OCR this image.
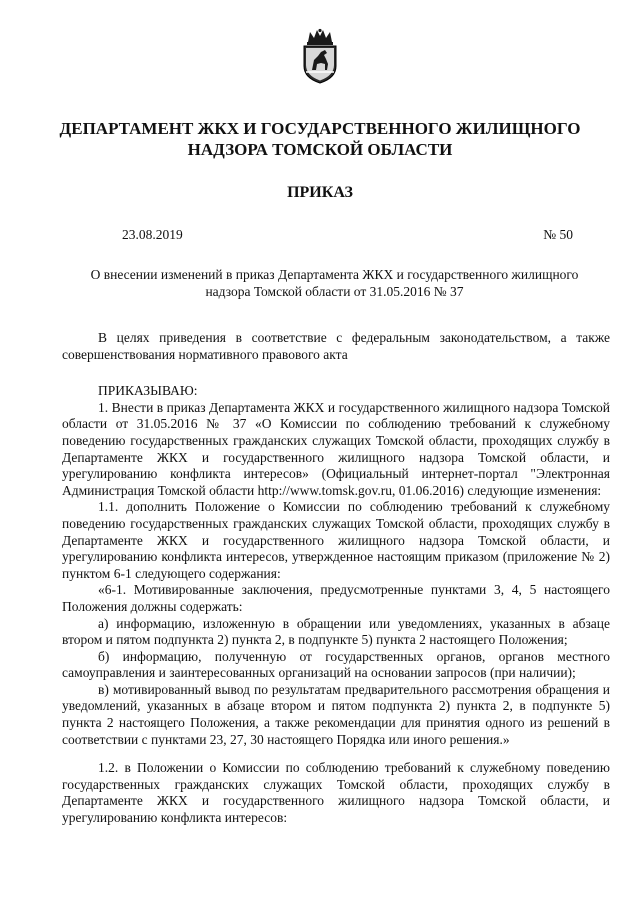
ДЕПАРТАМЕНТ ЖКХ И ГОСУДАРСТВЕННОГО ЖИЛИЩНОГО
НАДЗОРА ТОМСКОЙ ОБЛАСТИ
ПРИКАЗ
23.08.2019	№ 50
О внесении изменений в приказ Департамента ЖКХ и государственного жилищного
надзора Томской области от 31.05.2016 № 37

В целях приведения в соответствие с федеральным законодательством, а также совершенствования нормативного правового акта

ПРИКАЗЫВАЮ:

1. Внести в приказ Департамента ЖКХ и государственного жилищного надзора Томской области от 31.05.2016 № 37 «О Комиссии по соблюдению требований к служебному поведению государственных гражданских служащих Томской области, проходящих службу в Департаменте ЖКХ и государственного жилищного надзора Томской области, и урегулированию конфликта интересов» (Официальный интернет-портал "Электронная Администрация Томской области http://www.tomsk.gov.ru, 01.06.2016) следующие изменения:

1.1. дополнить Положение о Комиссии по соблюдению требований к служебному поведению государственных гражданских служащих Томской области, проходящих службу в Департаменте ЖКХ и государственного жилищного надзора Томской области, и урегулированию конфликта интересов, утвержденное настоящим приказом (приложение № 2) пунктом 6-1 следующего содержания:

«6-1. Мотивированные заключения, предусмотренные пунктами 3, 4, 5 настоящего Положения должны содержать:

а) информацию, изложенную в обращении или уведомлениях, указанных в абзаце втором и пятом подпункта 2) пункта 2, в подпункте 5) пункта 2 настоящего Положения;

б) информацию, полученную от государственных органов, органов местного самоуправления и заинтересованных организаций на основании запросов (при наличии);

в) мотивированный вывод по результатам предварительного рассмотрения обращения и уведомлений, указанных в абзаце втором и пятом подпункта 2) пункта 2, в подпункте 5) пункта 2 настоящего Положения, а также рекомендации для принятия одного из решений в соответствии с пунктами 23, 27, 30 настоящего Порядка или иного решения.»

1.2. в Положении о Комиссии по соблюдению требований к служебному поведению государственных гражданских служащих Томской области, проходящих службу в Департаменте ЖКХ и государственного жилищного надзора Томской области, и урегулированию конфликта интересов:
